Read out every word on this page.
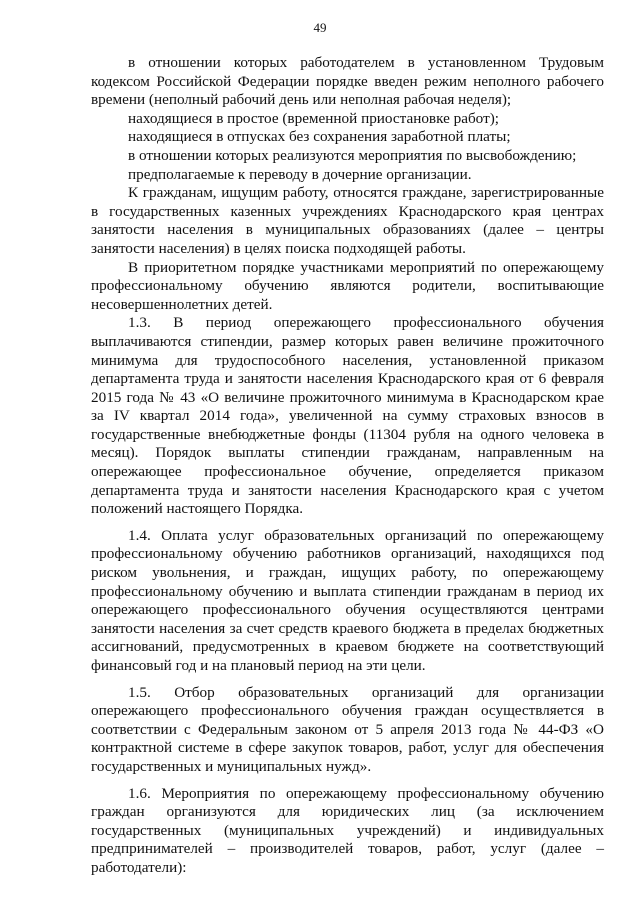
49

в отношении которых работодателем в установленном Трудовым кодексом Российской Федерации порядке введен режим неполного рабочего времени (неполный рабочий день или неполная рабочая неделя);

находящиеся в простое (временной приостановке работ);

находящиеся в отпусках без сохранения заработной платы;

в отношении которых реализуются мероприятия по высвобождению;

предполагаемые к переводу в дочерние организации.

К гражданам, ищущим работу, относятся граждане, зарегистрированные в государственных казенных учреждениях Краснодарского края центрах занятости населения в муниципальных образованиях (далее – центры занятости населения) в целях поиска подходящей работы.

В приоритетном порядке участниками мероприятий по опережающему профессиональному обучению являются родители, воспитывающие несовершеннолетних детей.

1.3. В период опережающего профессионального обучения выплачиваются стипендии, размер которых равен величине прожиточного минимума для трудоспособного населения, установленной приказом департамента труда и занятости населения Краснодарского края от 6 февраля 2015 года № 43 «О величине прожиточного минимума в Краснодарском крае за IV квартал 2014 года», увеличенной на сумму страховых взносов в государственные внебюджетные фонды (11304 рубля на одного человека в месяц). Порядок выплаты стипендии гражданам, направленным на опережающее профессиональное обучение, определяется приказом департамента труда и занятости населения Краснодарского края с учетом положений настоящего Порядка.

1.4. Оплата услуг образовательных организаций по опережающему профессиональному обучению работников организаций, находящихся под риском увольнения, и граждан, ищущих работу, по опережающему профессиональному обучению и выплата стипендии гражданам в период их опережающего профессионального обучения осуществляются центрами занятости населения за счет средств краевого бюджета в пределах бюджетных ассигнований, предусмотренных в краевом бюджете на соответствующий финансовый год и на плановый период на эти цели.

1.5. Отбор образовательных организаций для организации опережающего профессионального обучения граждан осуществляется в соответствии с Федеральным законом от 5 апреля 2013 года № 44-ФЗ «О контрактной системе в сфере закупок товаров, работ, услуг для обеспечения государственных и муниципальных нужд».

1.6. Мероприятия по опережающему профессиональному обучению граждан организуются для юридических лиц (за исключением государственных (муниципальных учреждений) и индивидуальных предпринимателей – производителей товаров, работ, услуг (далее – работодатели):
